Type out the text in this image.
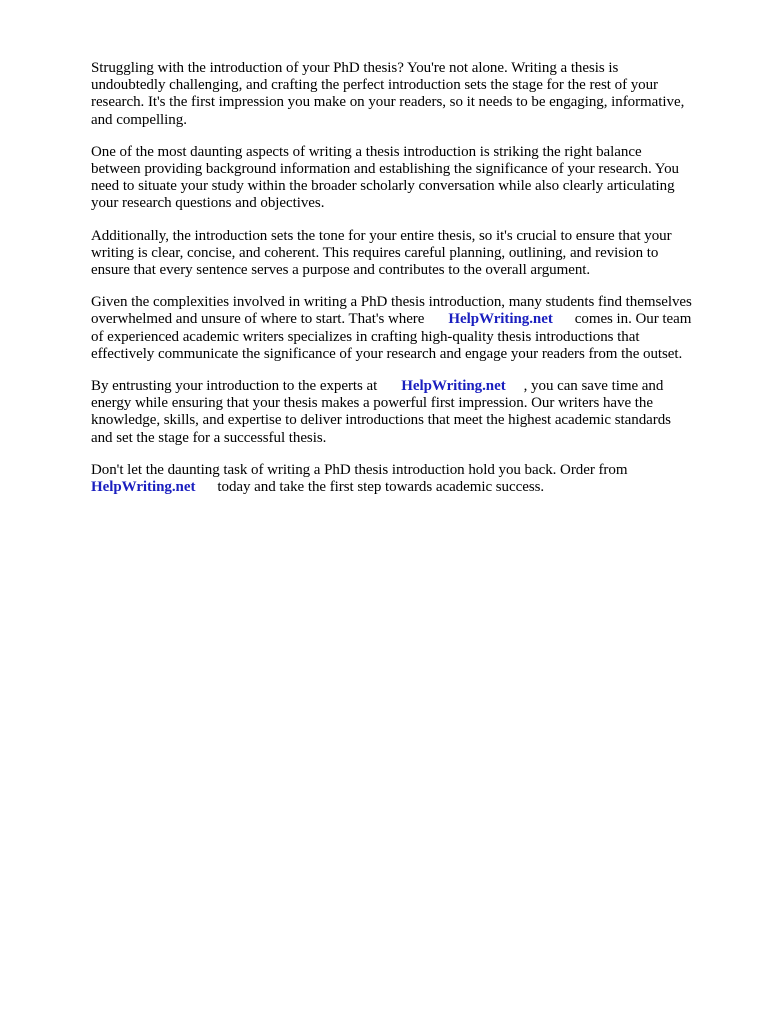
Struggling with the introduction of your PhD thesis? You're not alone. Writing a thesis is
undoubtedly challenging, and crafting the perfect introduction sets the stage for the rest of your
research. It's the first impression you make on your readers, so it needs to be engaging, informative,
and compelling.

One of the most daunting aspects of writing a thesis introduction is striking the right balance
between providing background information and establishing the significance of your research. You
need to situate your study within the broader scholarly conversation while also clearly articulating
your research questions and objectives.

Additionally, the introduction sets the tone for your entire thesis, so it's crucial to ensure that your
writing is clear, concise, and coherent. This requires careful planning, outlining, and revision to
ensure that every sentence serves a purpose and contributes to the overall argument.

Given the complexities involved in writing a PhD thesis introduction, many students find themselves
overwhelmed and unsure of where to start. That's where HelpWriting.net comes in. Our team
of experienced academic writers specializes in crafting high-quality thesis introductions that
effectively communicate the significance of your research and engage your readers from the outset.

By entrusting your introduction to the experts at HelpWriting.net , you can save time and
energy while ensuring that your thesis makes a powerful first impression. Our writers have the
knowledge, skills, and expertise to deliver introductions that meet the highest academic standards
and set the stage for a successful thesis.

Don't let the daunting task of writing a PhD thesis introduction hold you back. Order from
HelpWriting.net today and take the first step towards academic success.
